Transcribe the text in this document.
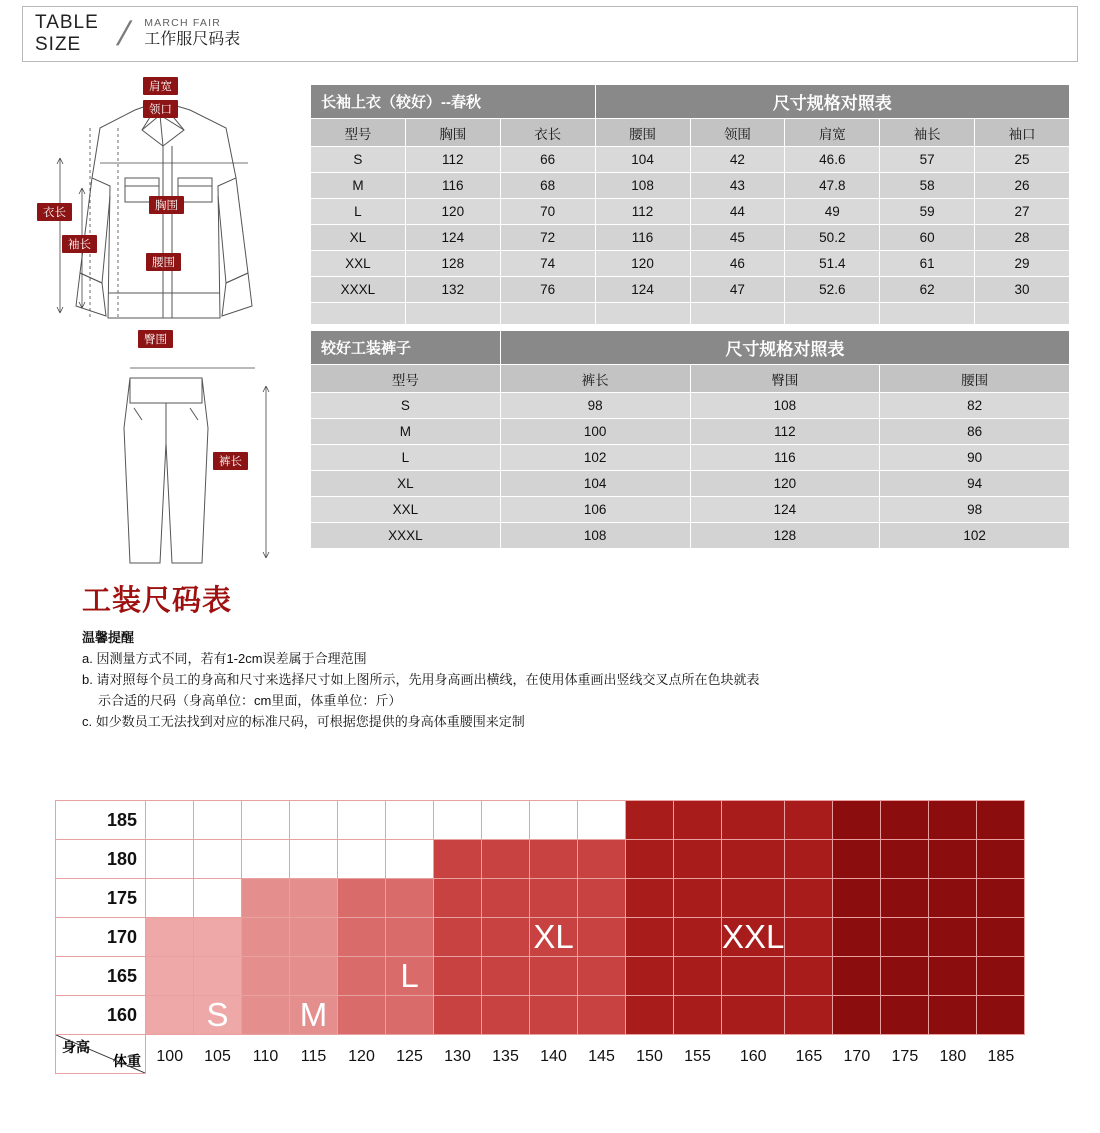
TABLE
SIZE / MARCH FAIR
工作服尺码表
肩宽
领口
胸围
衣长
袖长
腰围
臀围
裤长
长袖上衣（较好）--春秋			尺寸规格对照表				
型号	胸围	衣长	腰围	领围	肩宽	袖长	袖口
S	112	66	104	42	46.6	57	25
M	116	68	108	43	47.8	58	26
L	120	70	112	44	49	59	27
XL	124	72	116	45	50.2	60	28
XXL	128	74	120	46	51.4	61	29
XXXL	132	76	124	47	52.6	62	30

较好工装裤子	尺寸规格对照表		
型号	裤长	臀围	腰围
S	98	108	82
M	100	112	86
L	102	116	90
XL	104	120	94
XXL	106	124	98
XXXL	108	128	102
工装尺码表
温馨提醒

a. 因测量方式不同，若有1-2cm误差属于合理范围

b. 请对照每个员工的身高和尺寸来选择尺寸如上图所示，先用身高画出横线，在使用体重画出竖线交叉点所在色块就表

示合适的尺码（身高单位：cm里面，体重单位：斤）

c. 如少数员工无法找到对应的标准尺码，可根据您提供的身高体重腰围来定制

185																		
180																		
175																		
170									XL				XXL					
165						L												
160		S		M														

身高
体重	100	105	110	115	120	125	130	135	140	145	150	155	160	165	170	175	180	185
